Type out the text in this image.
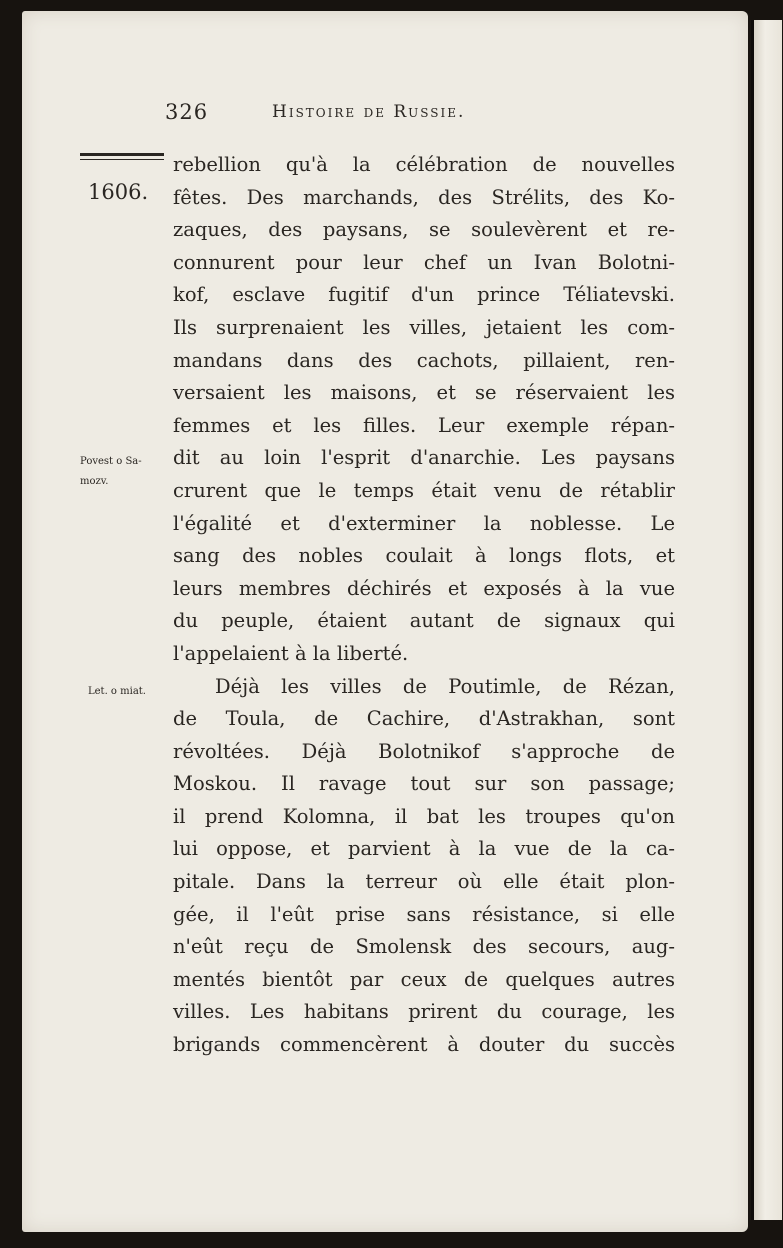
326	Histoire de Russie.
1606.
Povest o Sa-
mozv.
Let. o miat.
rebellion qu'à la célébration de nouvelles
fêtes. Des marchands, des Strélits, des Ko-
zaques, des paysans, se soulevèrent et re-
connurent pour leur chef un Ivan Bolotni-
kof, esclave fugitif d'un prince Téliatevski.
Ils surprenaient les villes, jetaient les com-
mandans dans des cachots, pillaient, ren-
versaient les maisons, et se réservaient les
femmes et les filles. Leur exemple répan-
dit au loin l'esprit d'anarchie. Les paysans
crurent que le temps était venu de rétablir
l'égalité et d'exterminer la noblesse. Le
sang des nobles coulait à longs flots, et
leurs membres déchirés et exposés à la vue
du peuple, étaient autant de signaux qui
l'appelaient à la liberté.
Déjà les villes de Poutimle, de Rézan,
de Toula, de Cachire, d'Astrakhan, sont
révoltées. Déjà Bolotnikof s'approche de
Moskou. Il ravage tout sur son passage;
il prend Kolomna, il bat les troupes qu'on
lui oppose, et parvient à la vue de la ca-
pitale. Dans la terreur où elle était plon-
gée, il l'eût prise sans résistance, si elle
n'eût reçu de Smolensk des secours, aug-
mentés bientôt par ceux de quelques autres
villes. Les habitans prirent du courage, les
brigands commencèrent à douter du succès
